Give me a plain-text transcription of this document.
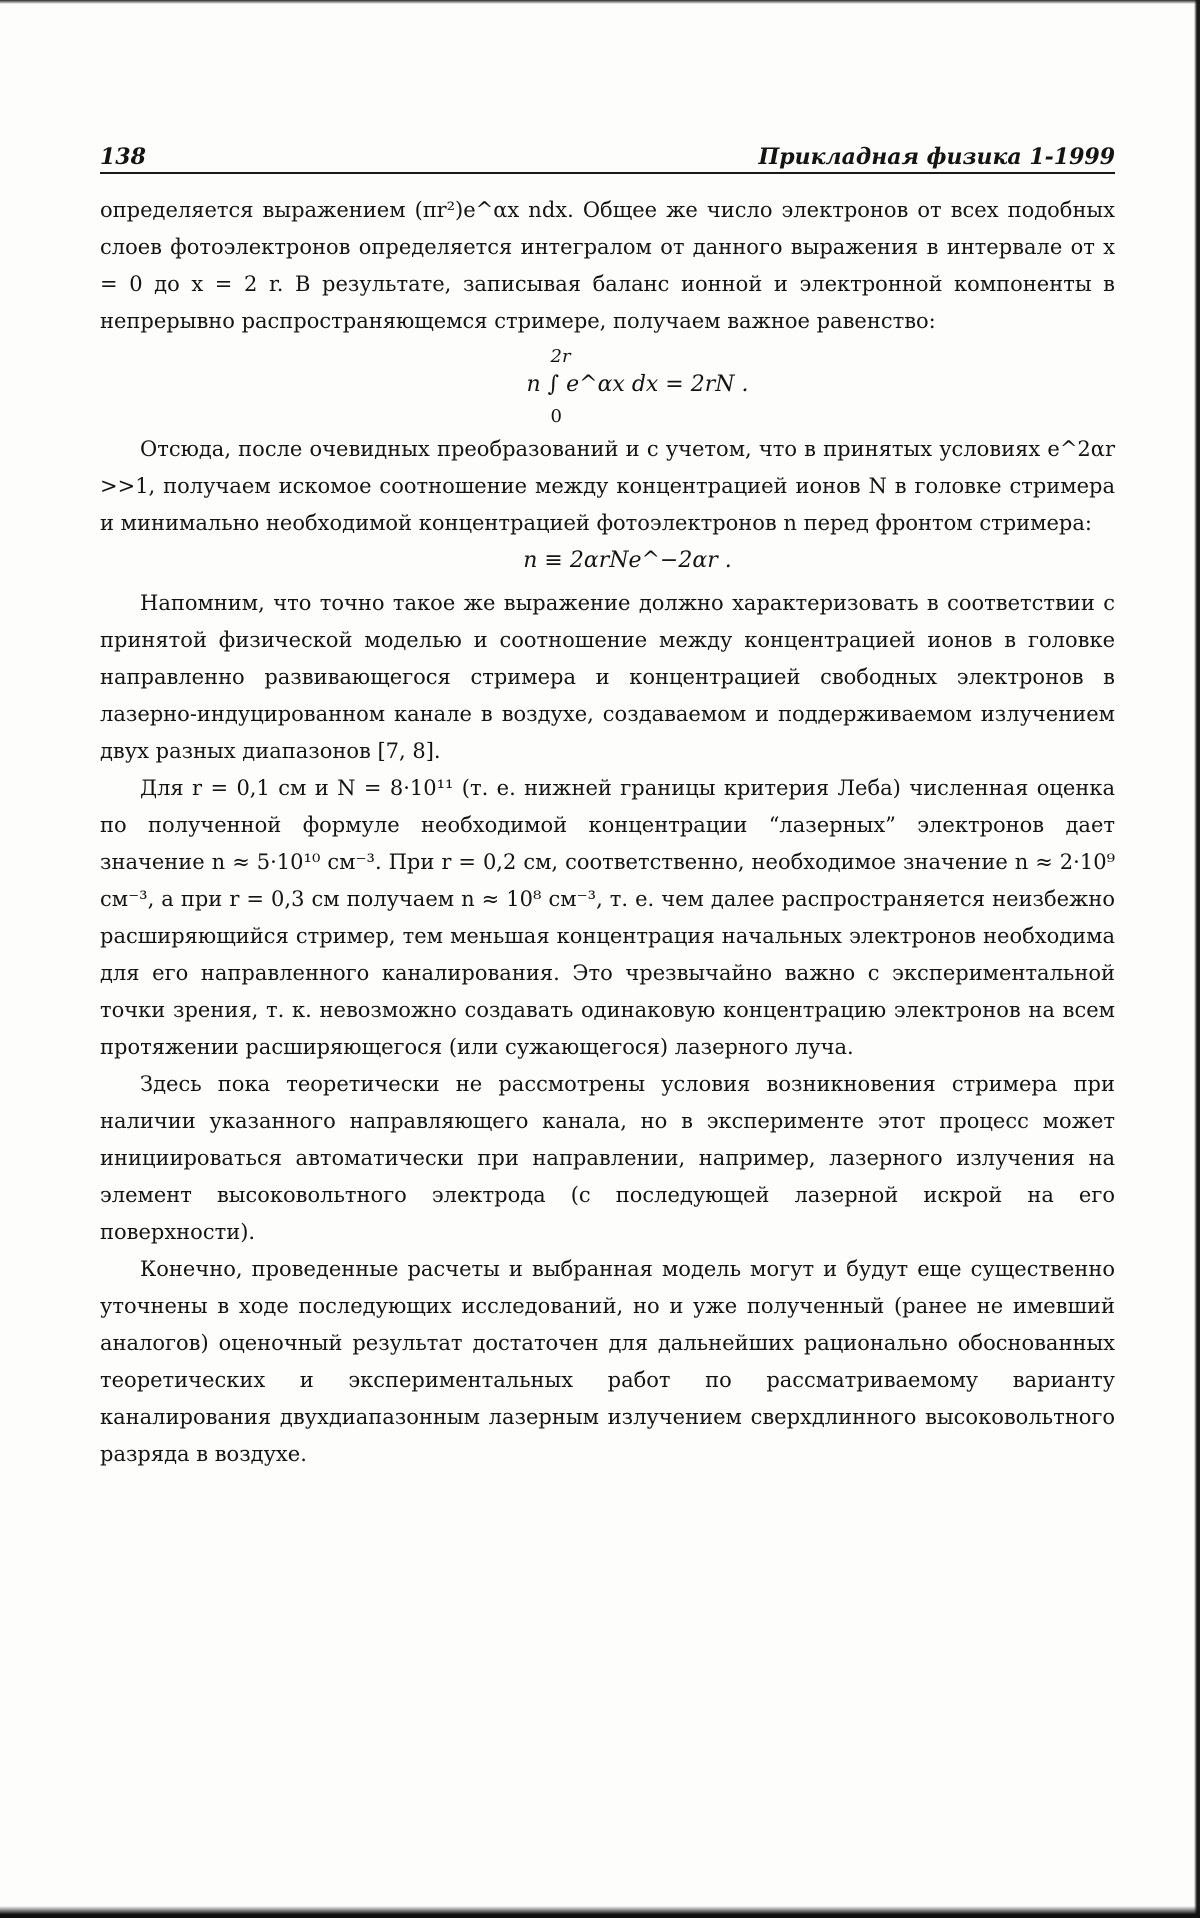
138	Прикладная физика 1-1999

определяется выражением (πr²)e^αx ndx. Общее же число электронов от всех подобных слоев фотоэлектронов определяется интегралом от данного выражения в интервале от x = 0 до x = 2 r. В результате, записывая баланс ионной и электронной компоненты в непрерывно распространяющемся стримере, получаем важное равенство:

2r
n ∫ e^αx dx = 2rN .
0

Отсюда, после очевидных преобразований и с учетом, что в принятых условиях e^2αr >>1, получаем искомое соотношение между концентрацией ионов N в головке стримера и минимально необходимой концентрацией фотоэлектронов n перед фронтом стримера:

n ≡ 2αrNe^−2αr .

Напомним, что точно такое же выражение должно характеризовать в соответствии с принятой физической моделью и соотношение между концентрацией ионов в головке направленно развивающегося стримера и концентрацией свободных электронов в лазерно-индуцированном канале в воздухе, создаваемом и поддерживаемом излучением двух разных диапазонов [7, 8].

Для r = 0,1 см и N = 8·10¹¹ (т. е. нижней границы критерия Леба) численная оценка по полученной формуле необходимой концентрации “лазерных” электронов дает значение n ≈ 5·10¹⁰ см⁻³. При r = 0,2 см, соответственно, необходимое значение n ≈ 2·10⁹ см⁻³, а при r = 0,3 см получаем n ≈ 10⁸ см⁻³, т. е. чем далее распространяется неизбежно расширяющийся стример, тем меньшая концентрация начальных электронов необходима для его направленного каналирования. Это чрезвычайно важно с экспериментальной точки зрения, т. к. невозможно создавать одинаковую концентрацию электронов на всем протяжении расширяющегося (или сужающегося) лазерного луча.

Здесь пока теоретически не рассмотрены условия возникновения стримера при наличии указанного направляющего канала, но в эксперименте этот процесс может инициироваться автоматически при направлении, например, лазерного излучения на элемент высоковольтного электрода (с последующей лазерной искрой на его поверхности).

Конечно, проведенные расчеты и выбранная модель могут и будут еще существенно уточнены в ходе последующих исследований, но и уже полученный (ранее не имевший аналогов) оценочный результат достаточен для дальнейших рационально обоснованных теоретических и экспериментальных работ по рассматриваемому варианту каналирования двухдиапазонным лазерным излучением сверхдлинного высоковольтного разряда в воздухе.
